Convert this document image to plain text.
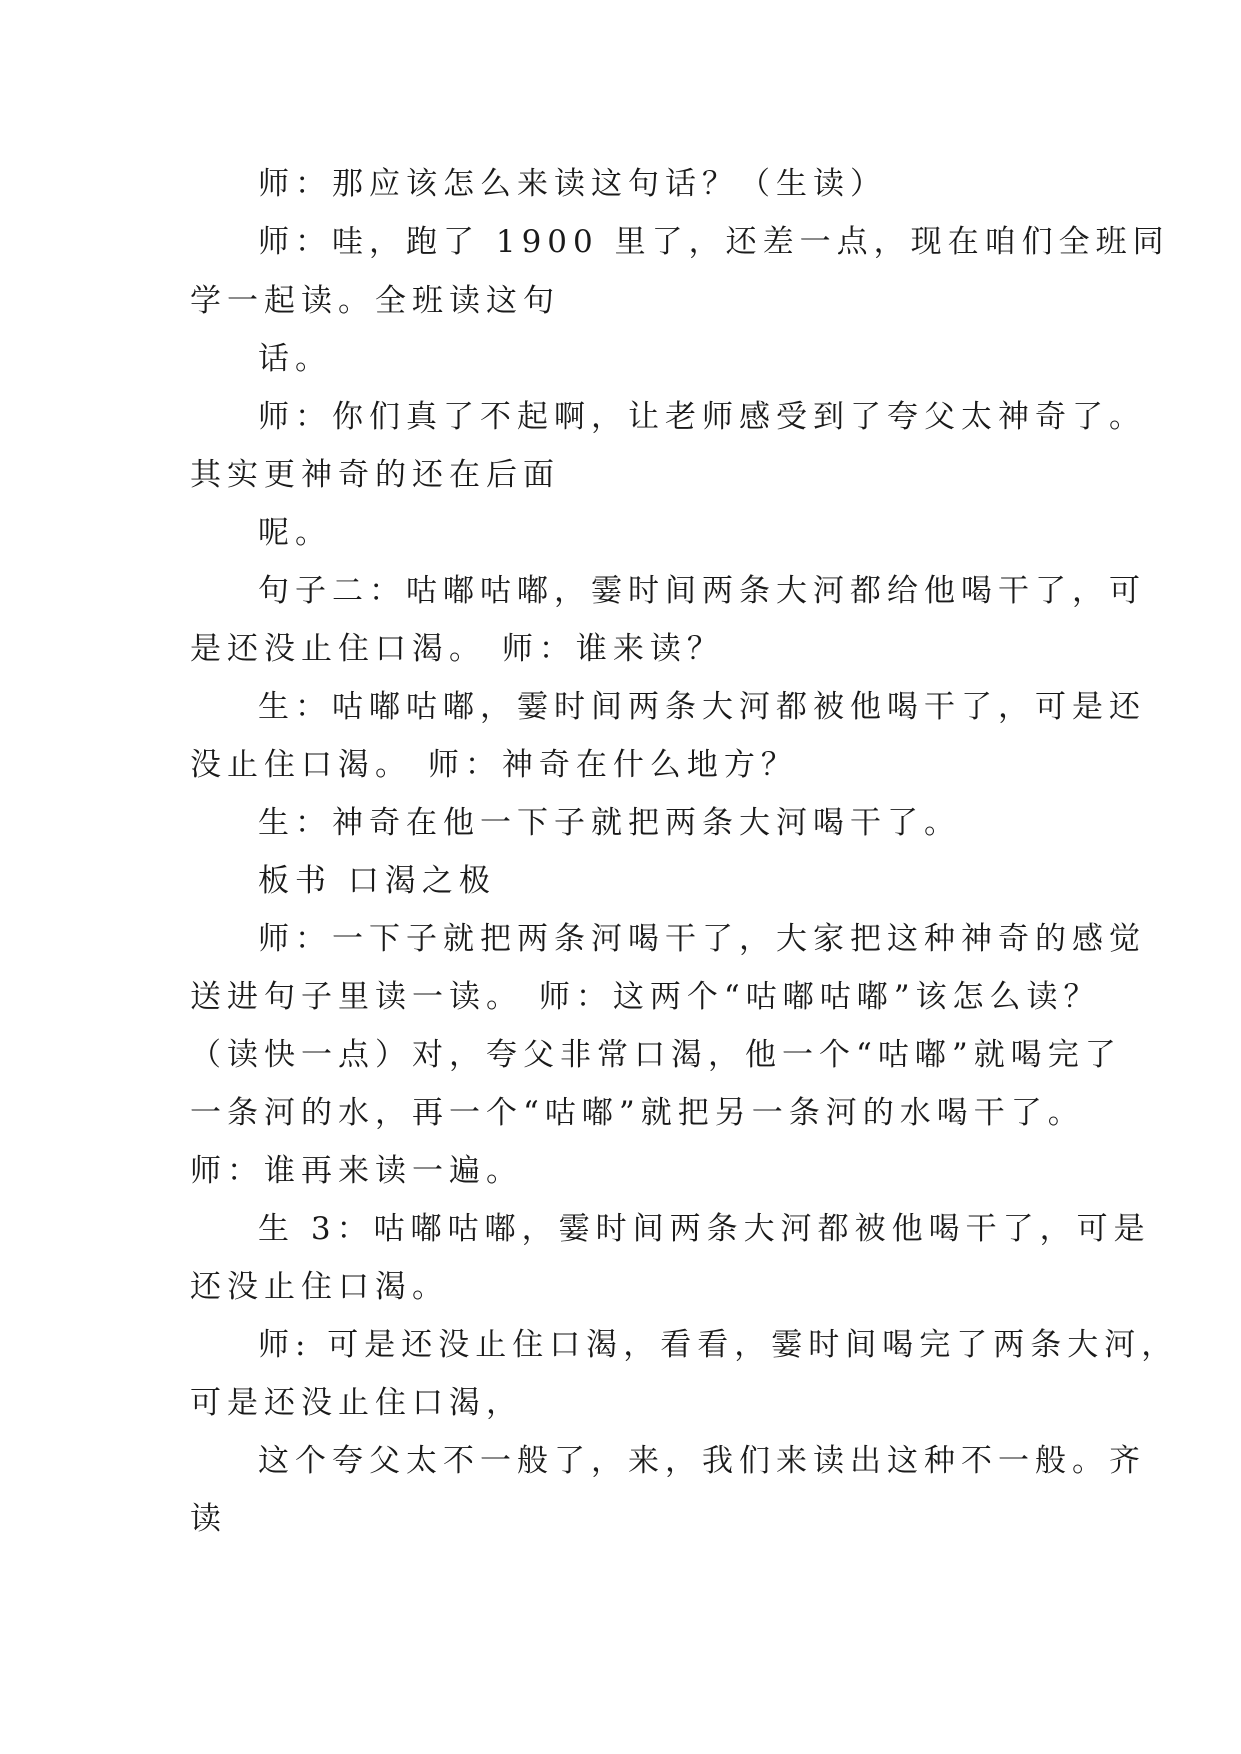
师：那应该怎么来读这句话？（生读）
师：哇，跑了 1900 里了，还差一点，现在咱们全班同
学一起读。全班读这句
话。
师：你们真了不起啊，让老师感受到了夸父太神奇了。
其实更神奇的还在后面
呢。
句子二：咕嘟咕嘟，霎时间两条大河都给他喝干了，可
是还没止住口渴。 师：谁来读？
生：咕嘟咕嘟，霎时间两条大河都被他喝干了，可是还
没止住口渴。 师：神奇在什么地方？
生：神奇在他一下子就把两条大河喝干了。
板书 口渴之极
师：一下子就把两条河喝干了，大家把这种神奇的感觉
送进句子里读一读。 师：这两个“咕嘟咕嘟”该怎么读？
（读快一点）对，夸父非常口渴，他一个“咕嘟”就喝完了
一条河的水，再一个“咕嘟”就把另一条河的水喝干了。
师：谁再来读一遍。
生 3：咕嘟咕嘟，霎时间两条大河都被他喝干了，可是
还没止住口渴。
师: 可是还没止住口渴，看看，霎时间喝完了两条大河，
可是还没止住口渴，
这个夸父太不一般了，来，我们来读出这种不一般。齐
读
